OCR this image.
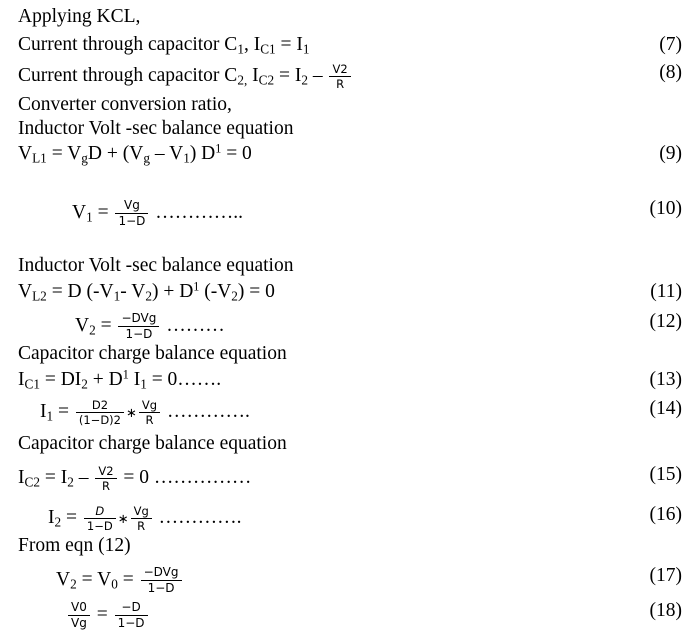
Applying KCL,
Current through capacitor $C_1$, $I_{C1} = I_1$	(7)
Current through capacitor $C_{2,}$ $I_{C2} = I_2 - \frac{V2}{R}$	(8)
Converter conversion ratio,
Inductor Volt -sec balance equation
$V_{L1} = V_gD + (V_g - V_1) D^1 = 0$	(9)
$V_1 = \frac{Vg}{1-D}$ …………..	(10)
Inductor Volt -sec balance equation
$V_{L2} = D$ ($-V_1-$ $V_2) + D^1$ $(-V_2) = 0$	(11)
$V_2 = \frac{\text{−DVg}}{1-D}$ ………	(12)
Capacitor charge balance equation
$I_{C1} = DI_2 + D^1$ $I_1$ = 0…….	(13)
$I_1 = \frac{D2}{(1-D)2}$ ∗ $\frac{Vg}{R}$ ………….	(14)
Capacitor charge balance equation
$I_{C2} = I_2 - \frac{V2}{R} = 0$ ……………	(15)
$I_2 = \frac{D}{1-D}$ ∗ $\frac{Vg}{R}$ ………….	(16)
From eqn (12)
$V_2 = V_0 = \frac{\text{−DVg}}{1-D}$	(17)
$\frac{V0}{Vg} = \frac{-D}{1-D}$	(18)
